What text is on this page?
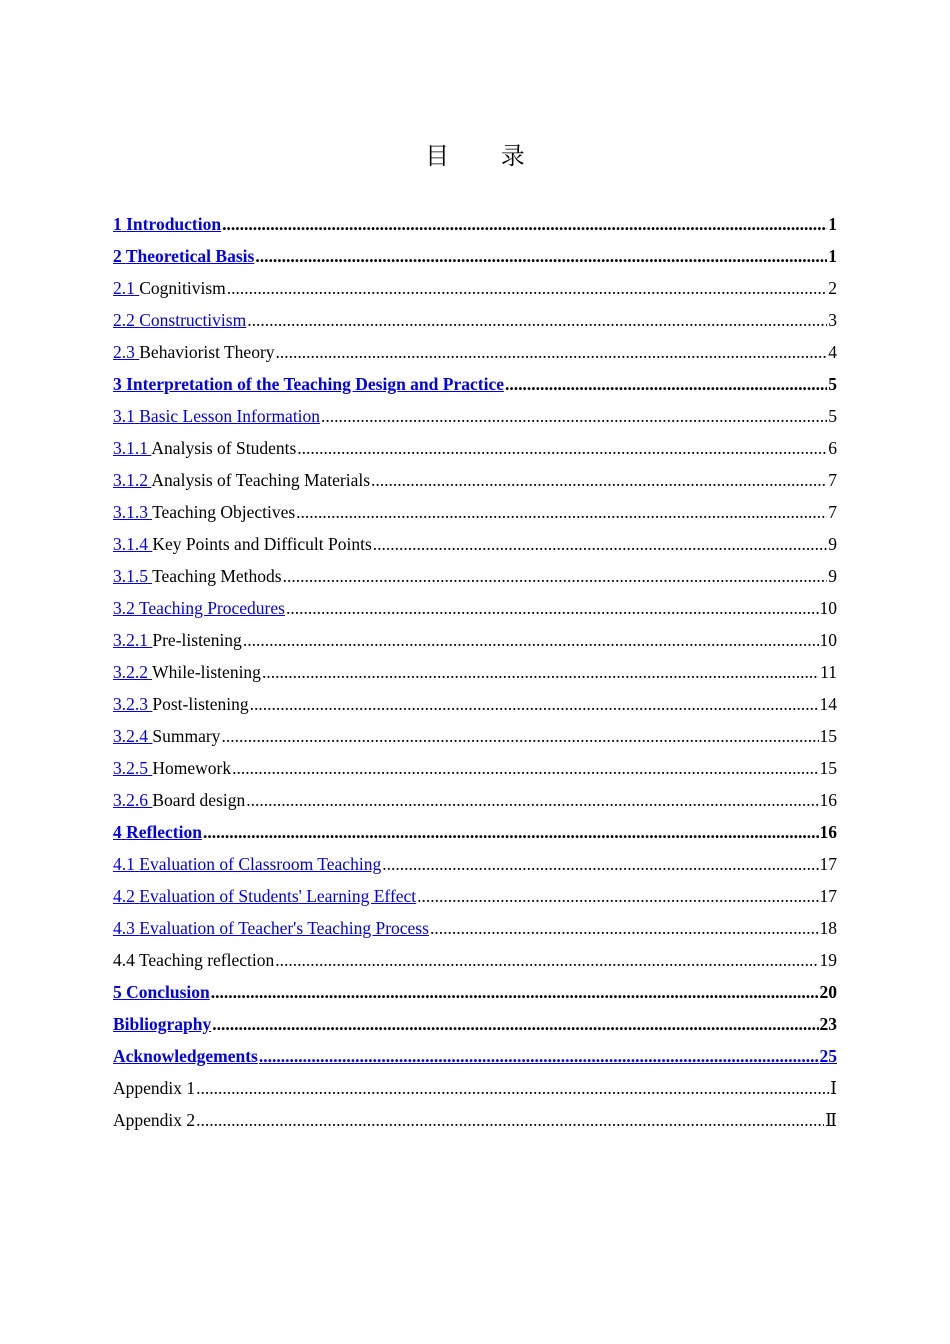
目 录
1 Introduction .....	1
2 Theoretical Basis .....	1
2.1 Cognitivism .....	2
2.2 Constructivism .....	3
2.3 Behaviorist Theory .....	4
3 Interpretation of the Teaching Design and Practice .....	5
3.1 Basic Lesson Information .....	5
3.1.1 Analysis of Students .....	6
3.1.2 Analysis of Teaching Materials .....	7
3.1.3 Teaching Objectives .....	7
3.1.4 Key Points and Difficult Points .....	9
3.1.5 Teaching Methods .....	9
3.2 Teaching Procedures .....	10
3.2.1 Pre-listening .....	10
3.2.2 While-listening .....	11
3.2.3 Post-listening .....	14
3.2.4 Summary .....	15
3.2.5 Homework .....	15
3.2.6 Board design .....	16
4 Reflection .....	16
4.1 Evaluation of Classroom Teaching .....	17
4.2 Evaluation of Students' Learning Effect .....	17
4.3 Evaluation of Teacher's Teaching Process .....	18
4.4 Teaching reflection .....	19
5 Conclusion .....	20
Bibliography .....	23
Acknowledgements .....	25
Appendix 1 .....	Ⅰ
Appendix 2 .....	Ⅱ
